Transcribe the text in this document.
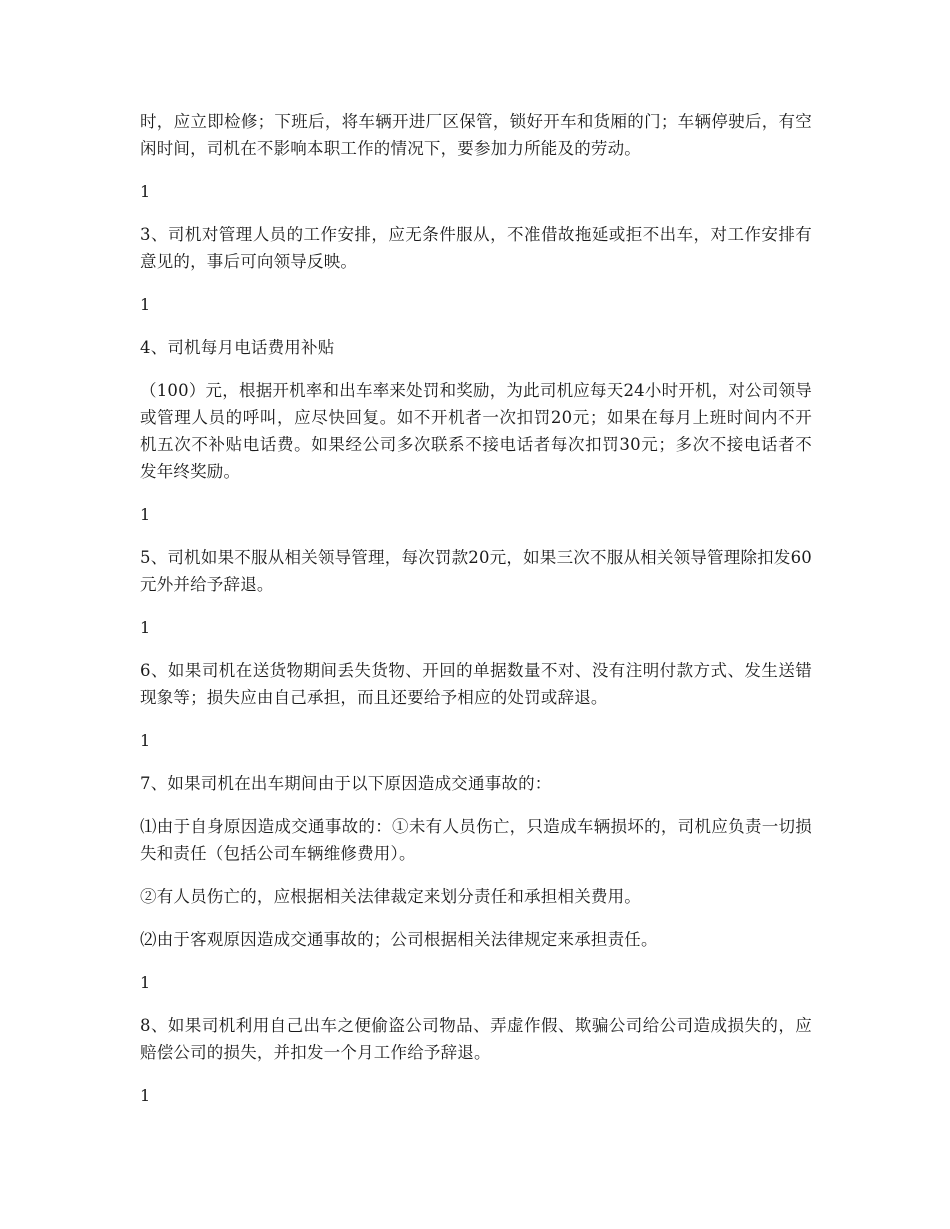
时，应立即检修；下班后，将车辆开进厂区保管，锁好开车和货厢的门；车辆停驶后，有空闲时间，司机在不影响本职工作的情况下，要参加力所能及的劳动。

1

3、司机对管理人员的工作安排，应无条件服从，不准借故拖延或拒不出车，对工作安排有意见的，事后可向领导反映。

1

4、司机每月电话费用补贴

（100）元，根据开机率和出车率来处罚和奖励，为此司机应每天24小时开机，对公司领导或管理人员的呼叫，应尽快回复。如不开机者一次扣罚20元；如果在每月上班时间内不开机五次不补贴电话费。如果经公司多次联系不接电话者每次扣罚30元；多次不接电话者不发年终奖励。

1

5、司机如果不服从相关领导管理，每次罚款20元，如果三次不服从相关领导管理除扣发60元外并给予辞退。

1

6、如果司机在送货物期间丢失货物、开回的单据数量不对、没有注明付款方式、发生送错现象等；损失应由自己承担，而且还要给予相应的处罚或辞退。

1

7、如果司机在出车期间由于以下原因造成交通事故的：

⑴由于自身原因造成交通事故的：①未有人员伤亡，只造成车辆损坏的，司机应负责一切损失和责任（包括公司车辆维修费用）。

②有人员伤亡的，应根据相关法律裁定来划分责任和承担相关费用。

⑵由于客观原因造成交通事故的；公司根据相关法律规定来承担责任。

1

8、如果司机利用自己出车之便偷盗公司物品、弄虚作假、欺骗公司给公司造成损失的，应赔偿公司的损失，并扣发一个月工作给予辞退。

1
